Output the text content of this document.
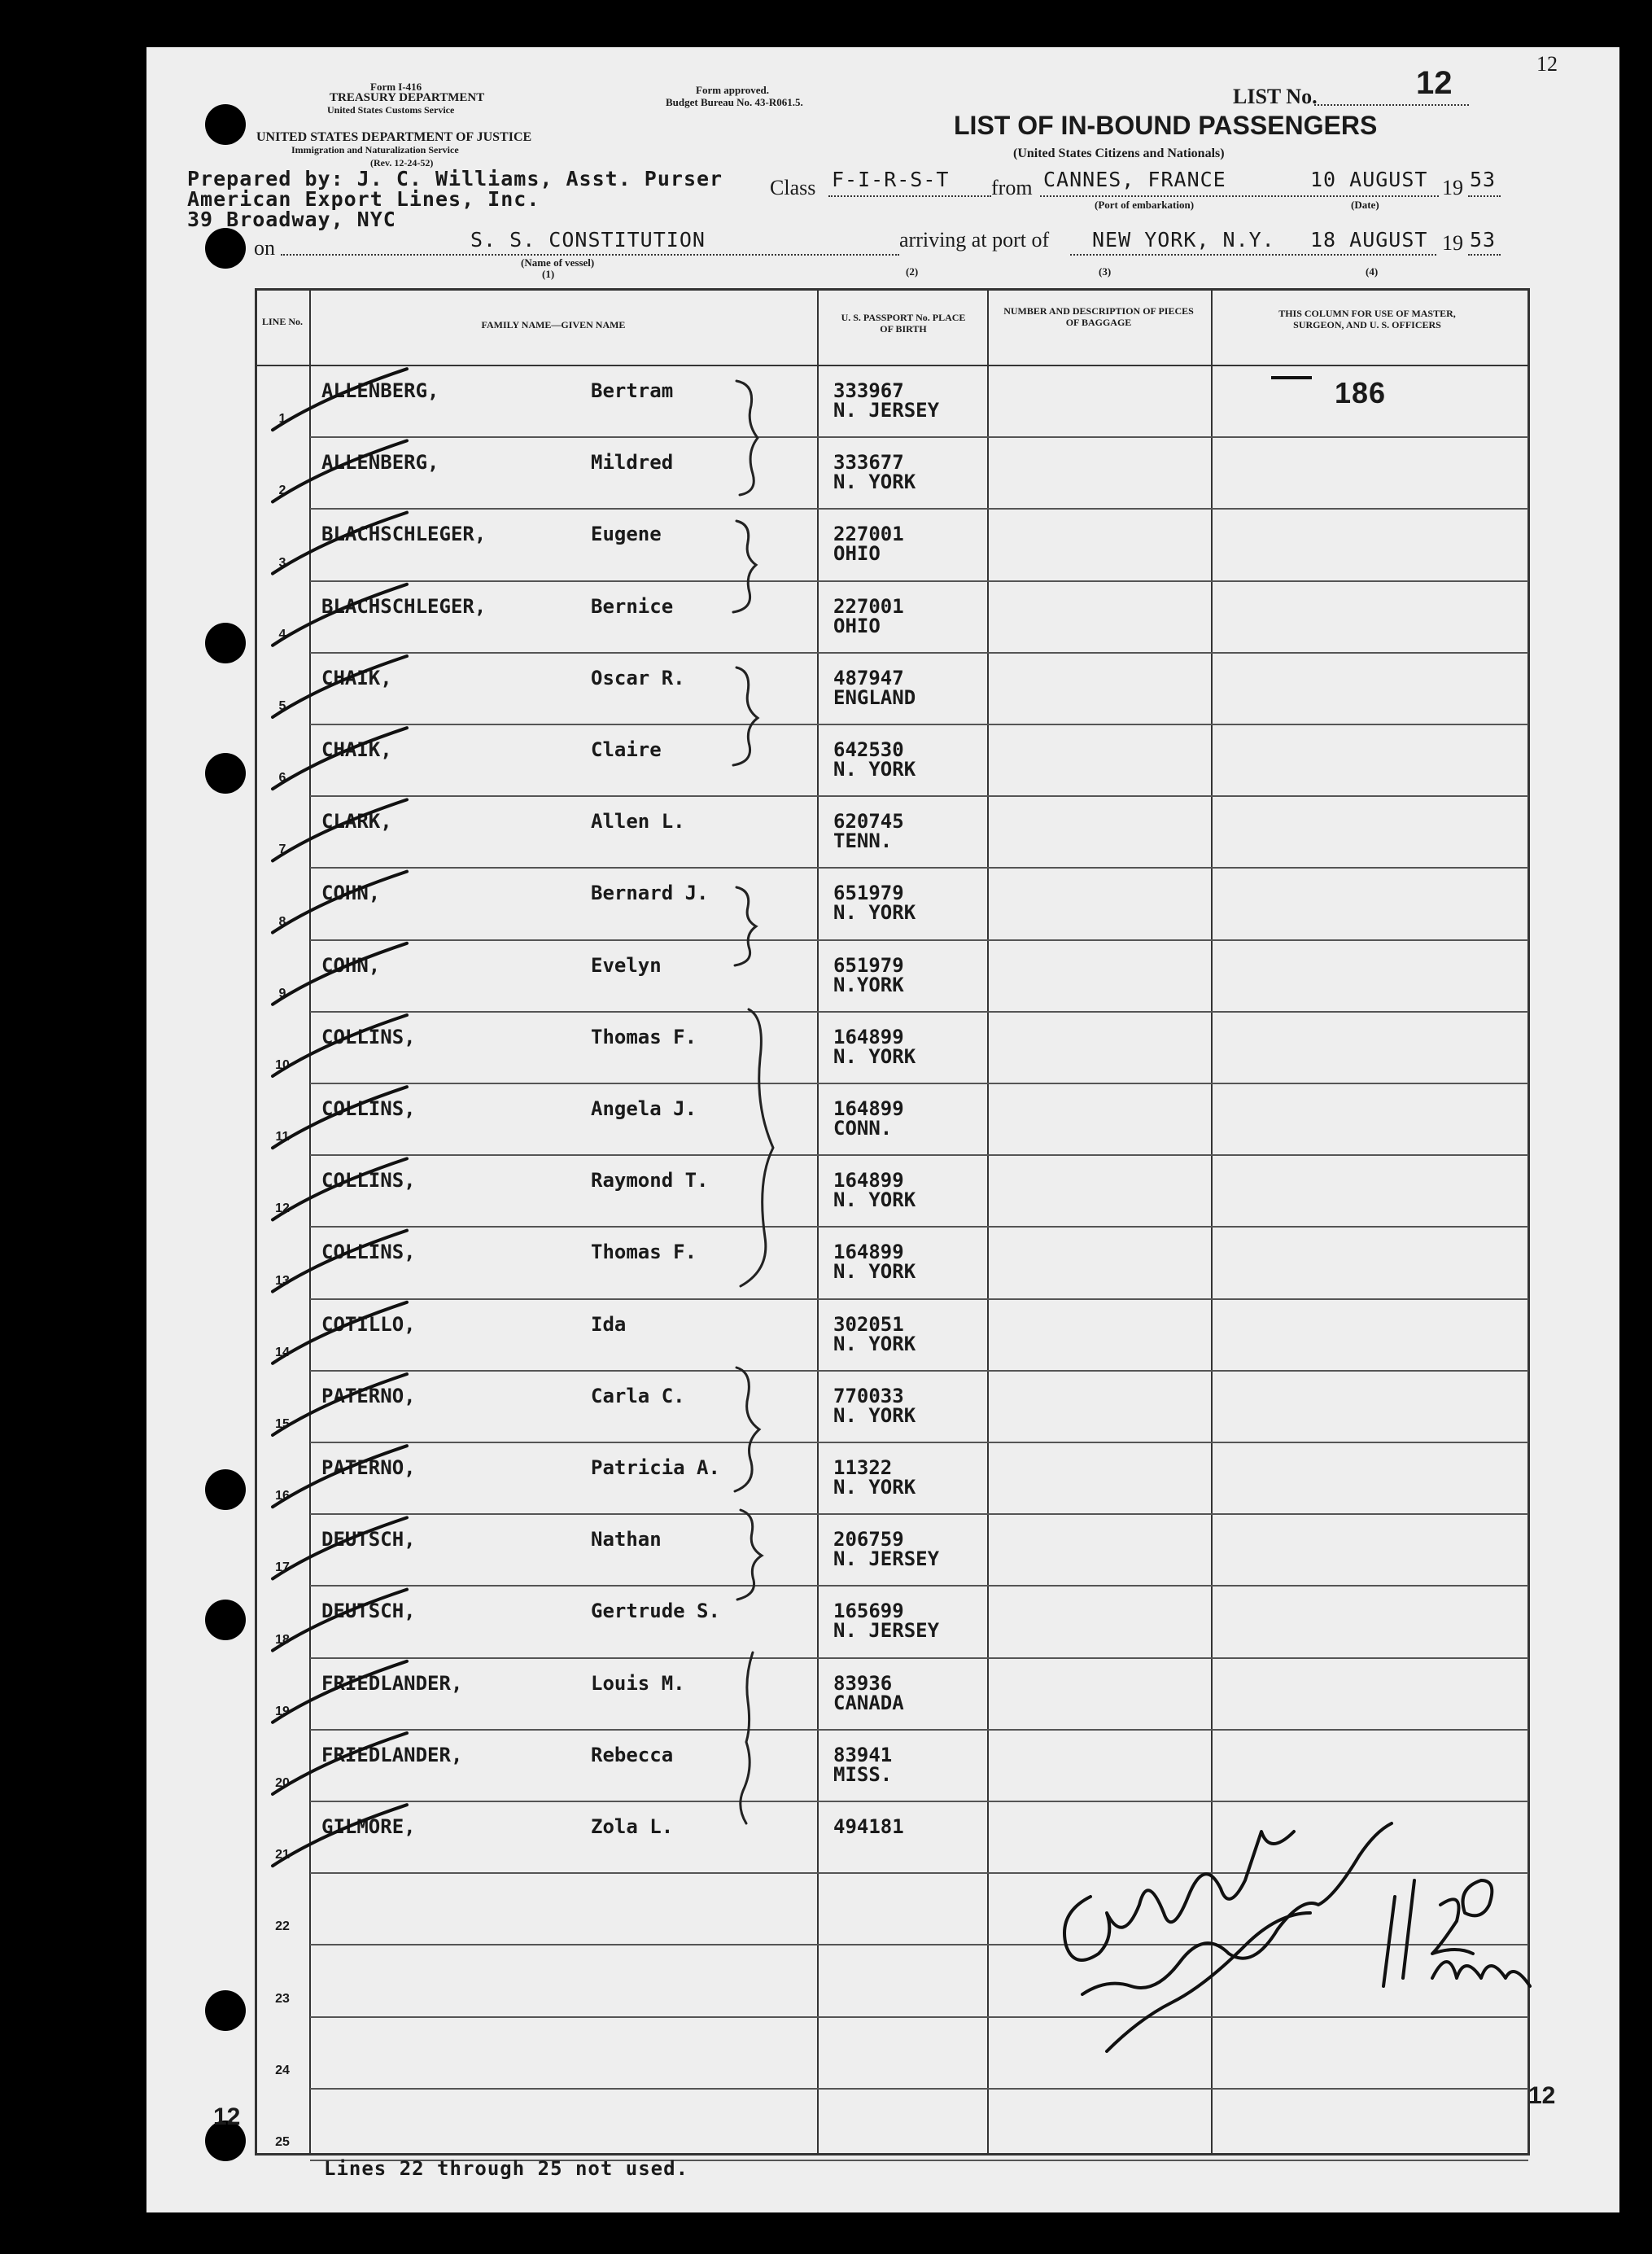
Form I-416
TREASURY DEPARTMENT
United States Customs Service
Form approved.
Budget Bureau No. 43-R061.5.
UNITED STATES DEPARTMENT OF JUSTICE
Immigration and Naturalization Service
(Rev. 12-24-52)
LIST No.	12
12
LIST OF IN-BOUND PASSENGERS
(United States Citizens and Nationals)
Prepared by: J. C. Williams, Asst. Purser
American Export Lines, Inc.
39 Broadway, NYC
Class F-I-R-S-T from CANNES, FRANCE
(Port of embarkation)
10 AUGUST 19 53
(Date)
on	S. S. CONSTITUTION
(Name of vessel)
(1)
arriving at port of NEW YORK, N.Y. 18 AUGUST 19 53
(2)	(3)	(4)
LINE No.	FAMILY NAME—GIVEN NAME
U. S. PASSPORT No. PLACE OF BIRTH
NUMBER AND DESCRIPTION OF PIECES OF BAGGAGE
THIS COLUMN FOR USE OF MASTER, SURGEON, AND U. S. OFFICERS
1
ALLENBERG,	Bertram	333967
N. JERSEY
2
ALLENBERG,	Mildred	333677
N. YORK
3
BLACHSCHLEGER,	Eugene	227001
OHIO
4
BLACHSCHLEGER,	Bernice	227001
OHIO
5
CHAIK,	Oscar R.	487947
ENGLAND
6
CHAIK,	Claire	642530
N. YORK
7
CLARK,	Allen L.	620745
TENN.
8
COHN,	Bernard J.	651979
N. YORK
9
COHN,	Evelyn	651979
N.YORK
10
COLLINS,	Thomas F.	164899
N. YORK
11
COLLINS,	Angela J.	164899
CONN.
12
COLLINS,	Raymond T.	164899
N. YORK
13
COLLINS,	Thomas F.	164899
N. YORK
14
COTILLO,	Ida	302051
N. YORK
15
PATERNO,	Carla C.	770033
N. YORK
16
PATERNO,	Patricia A.	11322
N. YORK
17
DEUTSCH,	Nathan	206759
N. JERSEY
18
DEUTSCH,	Gertrude S.	165699
N. JERSEY
19
FRIEDLANDER,	Louis M.	83936
CANADA
20
FRIEDLANDER,	Rebecca	83941
MISS.
21
GILMORE,	Zola L.	494181
22
23
24
25
186
Lines 22 through 25 not used.
12
12
